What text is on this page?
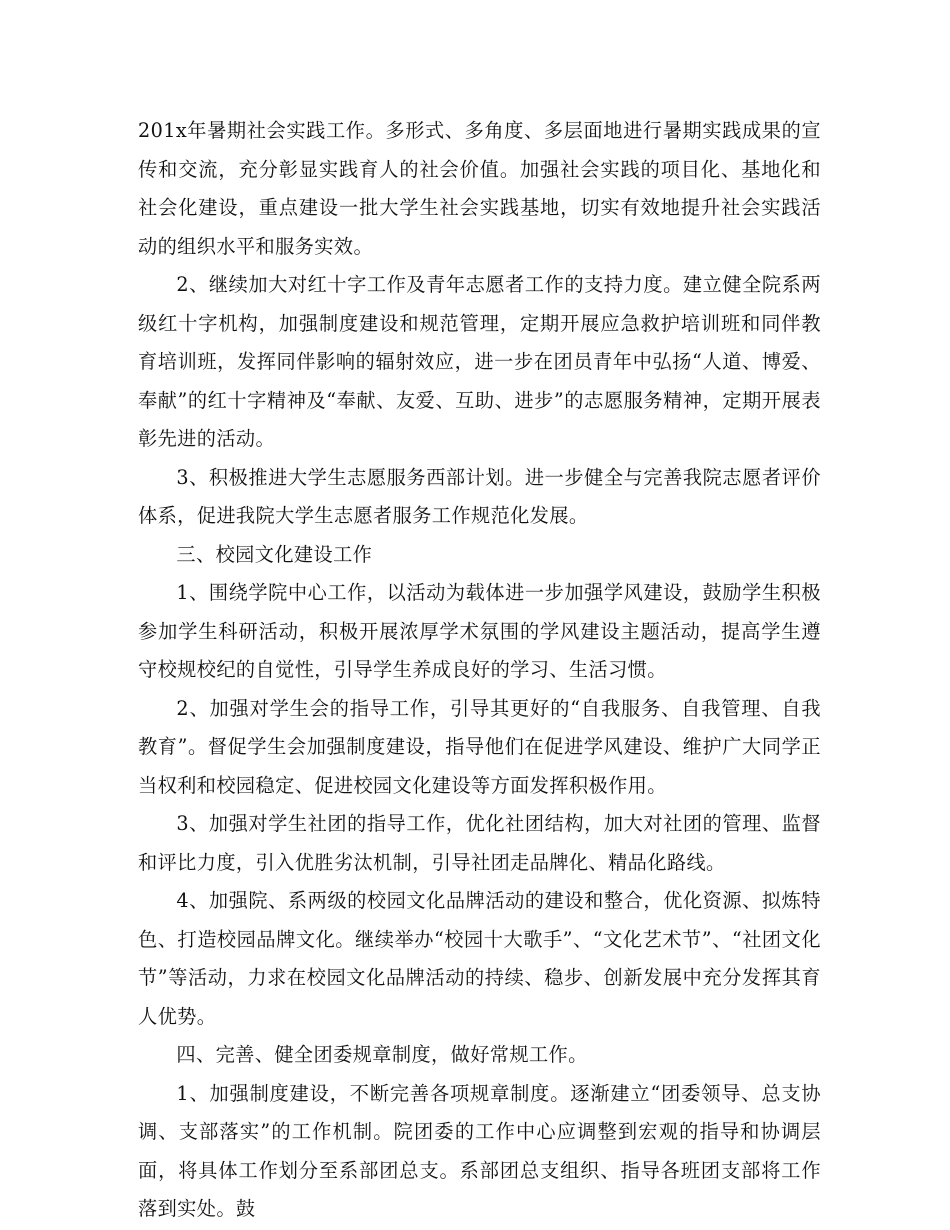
201x年暑期社会实践工作。多形式、多角度、多层面地进行暑期实践成果的宣传和交流，充分彰显实践育人的社会价值。加强社会实践的项目化、基地化和社会化建设，重点建设一批大学生社会实践基地，切实有效地提升社会实践活动的组织水平和服务实效。

2、继续加大对红十字工作及青年志愿者工作的支持力度。建立健全院系两级红十字机构，加强制度建设和规范管理，定期开展应急救护培训班和同伴教育培训班，发挥同伴影响的辐射效应，进一步在团员青年中弘扬“人道、博爱、奉献”的红十字精神及“奉献、友爱、互助、进步”的志愿服务精神，定期开展表彰先进的活动。

3、积极推进大学生志愿服务西部计划。进一步健全与完善我院志愿者评价体系，促进我院大学生志愿者服务工作规范化发展。

三、校园文化建设工作

1、围绕学院中心工作，以活动为载体进一步加强学风建设，鼓励学生积极参加学生科研活动，积极开展浓厚学术氛围的学风建设主题活动，提高学生遵守校规校纪的自觉性，引导学生养成良好的学习、生活习惯。

2、加强对学生会的指导工作，引导其更好的“自我服务、自我管理、自我教育”。督促学生会加强制度建设，指导他们在促进学风建设、维护广大同学正当权利和校园稳定、促进校园文化建设等方面发挥积极作用。

3、加强对学生社团的指导工作，优化社团结构，加大对社团的管理、监督和评比力度，引入优胜劣汰机制，引导社团走品牌化、精品化路线。

4、加强院、系两级的校园文化品牌活动的建设和整合，优化资源、拟炼特色、打造校园品牌文化。继续举办“校园十大歌手”、“文化艺术节”、“社团文化节”等活动，力求在校园文化品牌活动的持续、稳步、创新发展中充分发挥其育人优势。

四、完善、健全团委规章制度，做好常规工作。

1、加强制度建设，不断完善各项规章制度。逐渐建立“团委领导、总支协调、支部落实”的工作机制。院团委的工作中心应调整到宏观的指导和协调层面，将具体工作划分至系部团总支。系部团总支组织、指导各班团支部将工作落到实处。鼓
